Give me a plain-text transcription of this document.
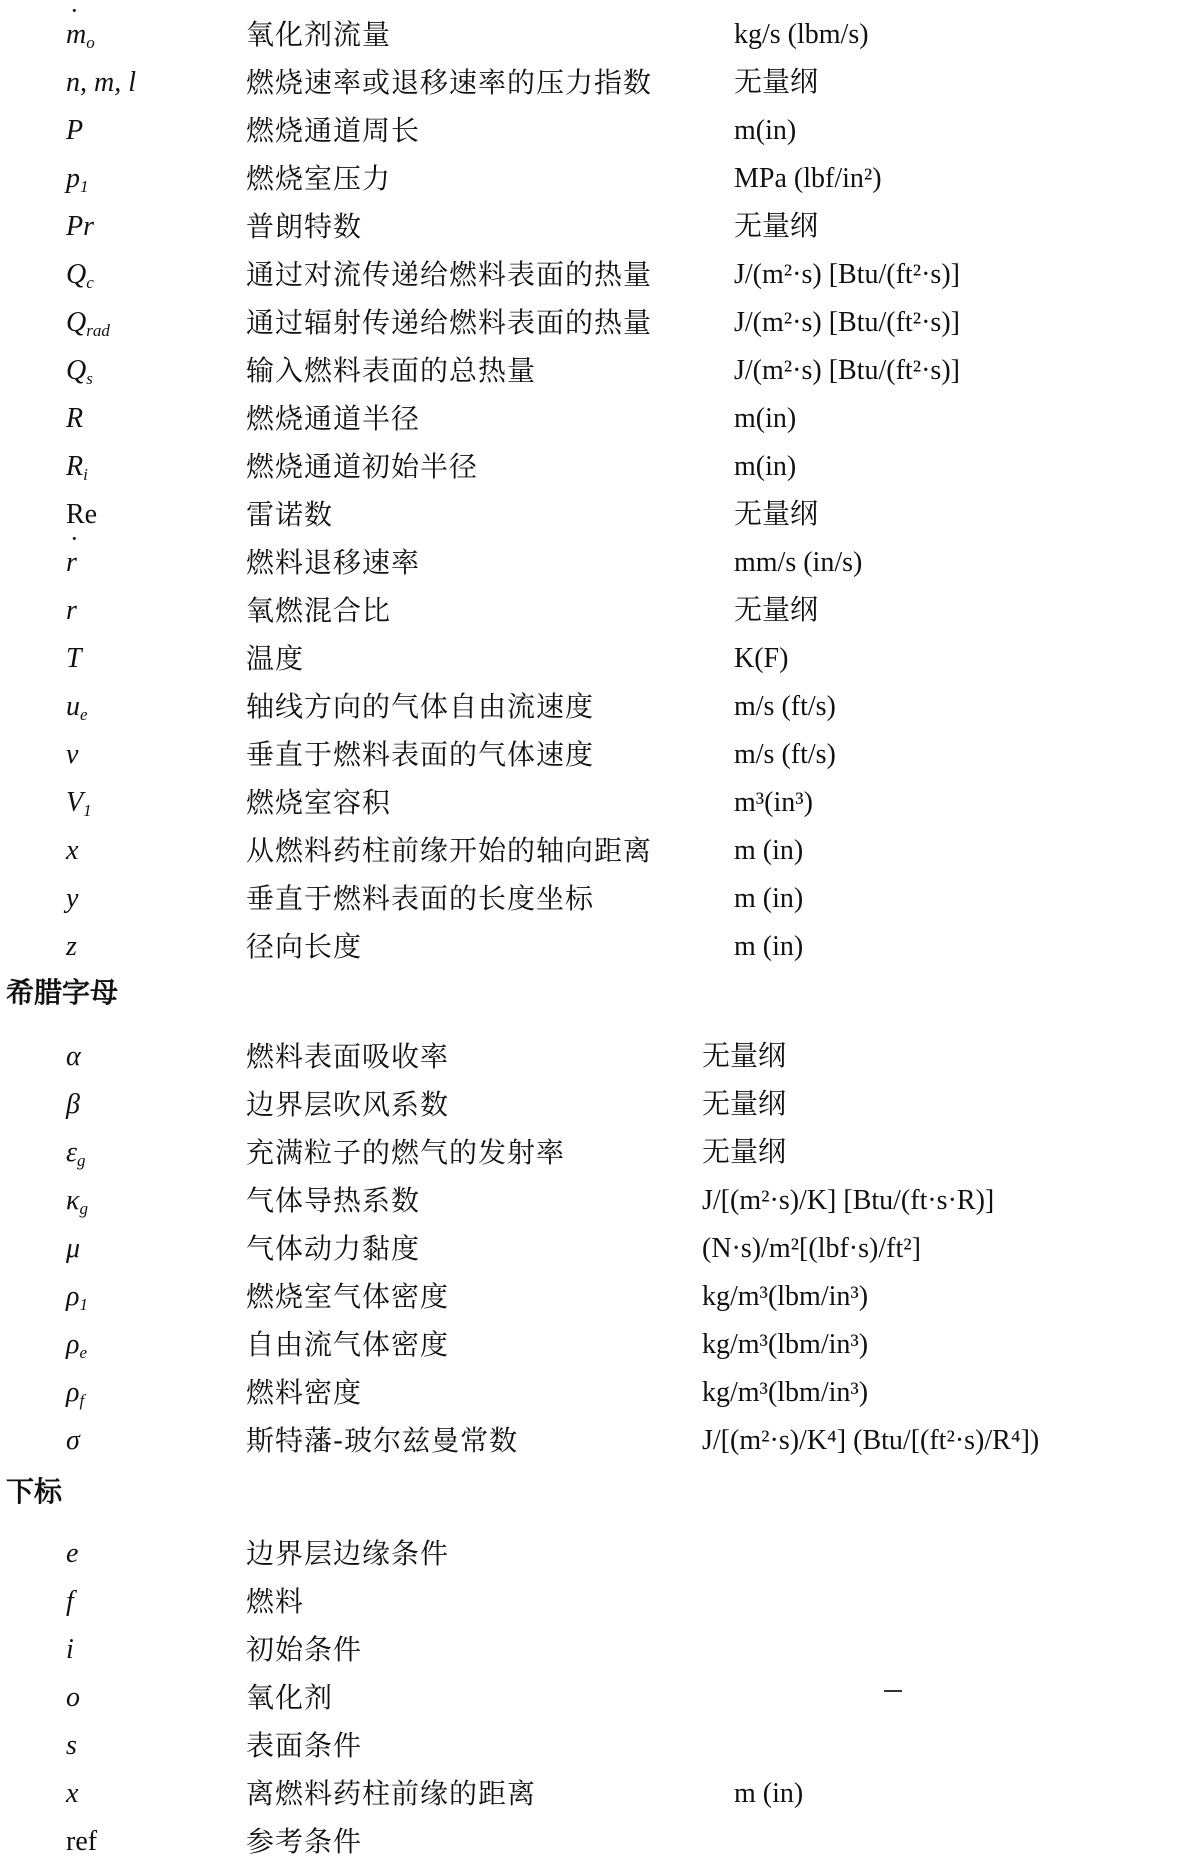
· $m_o$	氧化剂流量	kg/s (lbm/s)
n, m, l	燃烧速率或退移速率的压力指数	无量纲
P	燃烧通道周长	m(in)
$p_1$	燃烧室压力	MPa (lbf/in²)
Pr	普朗特数	无量纲
$Q_c$	通过对流传递给燃料表面的热量	J/(m²·s) [Btu/(ft²·s)]
$Q_{rad}$	通过辐射传递给燃料表面的热量	J/(m²·s) [Btu/(ft²·s)]
$Q_s$	输入燃料表面的总热量	J/(m²·s) [Btu/(ft²·s)]
R	燃烧通道半径	m(in)
$R_i$	燃烧通道初始半径	m(in)
Re	雷诺数	无量纲
· r	燃料退移速率	mm/s (in/s)
r	氧燃混合比	无量纲
T	温度	K(F)
$u_e$	轴线方向的气体自由流速度	m/s (ft/s)
v	垂直于燃料表面的气体速度	m/s (ft/s)
$V_1$	燃烧室容积	m³(in³)
x	从燃料药柱前缘开始的轴向距离	m (in)
y	垂直于燃料表面的长度坐标	m (in)
z	径向长度	m (in)
希腊字母
α	燃料表面吸收率	无量纲
β	边界层吹风系数	无量纲
$\varepsilon_g$	充满粒子的燃气的发射率	无量纲
$\kappa_g$	气体导热系数	J/[(m²·s)/K] [Btu/(ft·s·R)]
μ	气体动力黏度	(N·s)/m²[(lbf·s)/ft²]
$\rho_1$	燃烧室气体密度	kg/m³(lbm/in³)
$\rho_e$	自由流气体密度	kg/m³(lbm/in³)
$\rho_f$	燃料密度	kg/m³(lbm/in³)
σ	斯特藩-玻尔兹曼常数	J/[(m²·s)/K⁴] (Btu/[(ft²·s)/R⁴])
下标
e	边界层边缘条件
f	燃料
i	初始条件
o	氧化剂
s	表面条件
x	离燃料药柱前缘的距离	m (in)
ref	参考条件
